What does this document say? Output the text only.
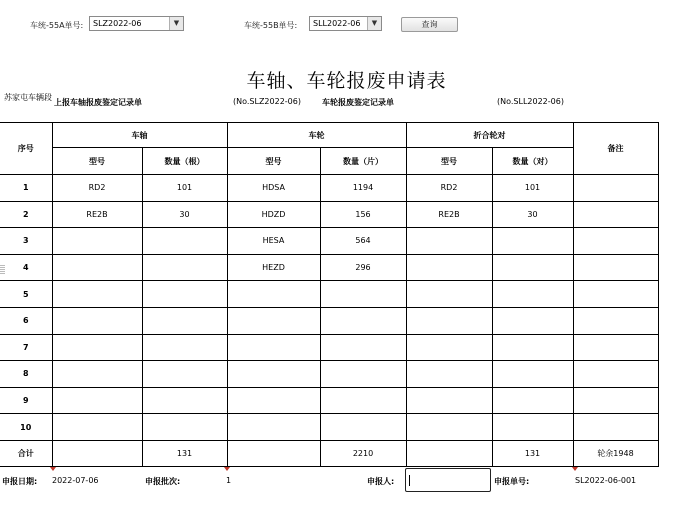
车统-55A单号:	SLZ2022-06	▼	车统-55B单号:	SLL2022-06	▼	查询
车轴、车轮报废申请表
苏家屯车辆段
上报车轴报废鉴定记录单	(No.SLZ2022-06)	车轮报废鉴定记录单	(No.SLL2022-06)
序号	车轴		车轮		折合轮对		备注
	型号	数量（根）	型号	数量（片）	型号	数量（对）	
1	RD2	101	HDSA	1194	RD2	101	
2	RE2B	30	HDZD	156	RE2B	30	
3			HESA	564			
4			HEZD	296			
5							
6							
7							
8							
9							
10							
合计		131		2210		131	轮余1948
申报日期: 2022-07-06	申报批次:	1	申报人:	申报单号:	SL2022-06-001
